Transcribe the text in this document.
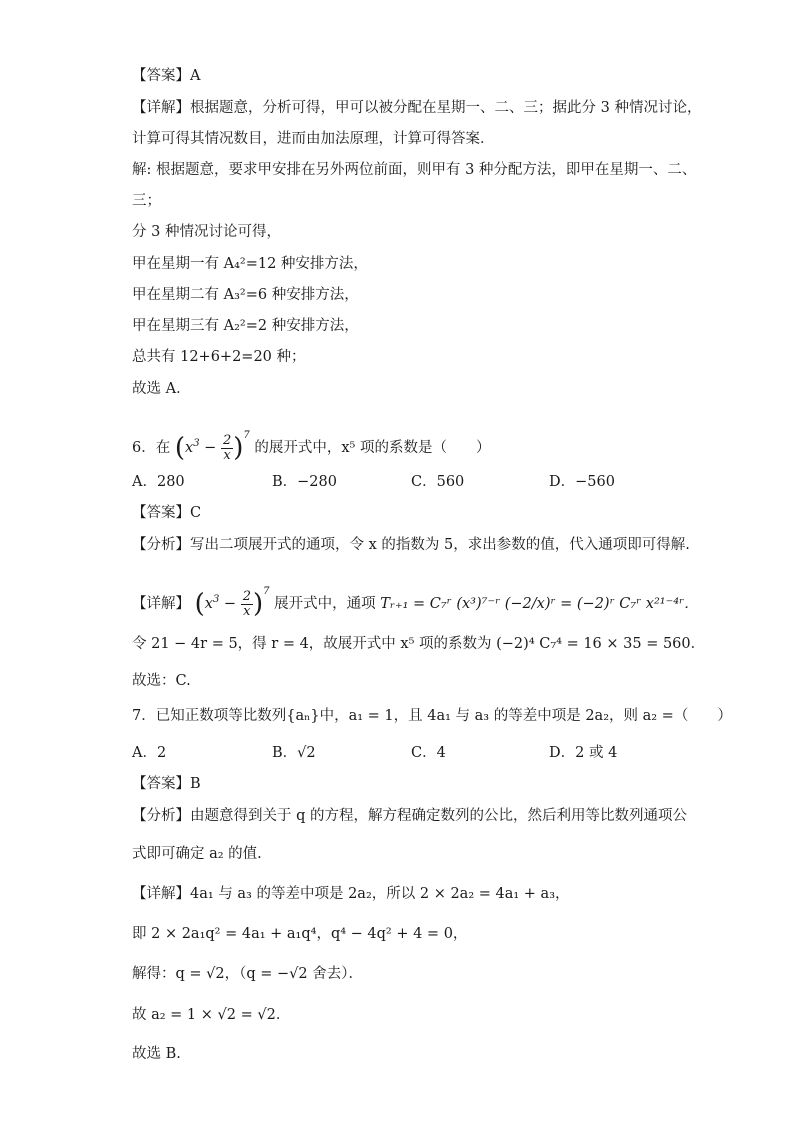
【答案】A
【详解】根据题意，分析可得，甲可以被分配在星期一、二、三；据此分 3 种情况讨论，
计算可得其情况数目，进而由加法原理，计算可得答案．
解: 根据题意，要求甲安排在另外两位前面，则甲有 3 种分配方法，即甲在星期一、二、
三；
分 3 种情况讨论可得，
甲在星期一有 A₄²=12 种安排方法，
甲在星期二有 A₃²=6 种安排方法，
甲在星期三有 A₂²=2 种安排方法，
总共有 12+6+2=20 种；
故选 A．
6．在 $(x^3 - \frac{2}{x} )^7$ 的展开式中，x⁵ 项的系数是（　　）
A．280	B．−280	C．560	D．−560
【答案】C
【分析】写出二项展开式的通项，令 x 的指数为 5，求出参数的值，代入通项即可得解.
【详解】 $(x^3 - \frac{2}{x} )^7$ 展开式中，通项 Tᵣ₊₁ = C₇ʳ (x³)⁷⁻ʳ (−2/x)ʳ = (−2)ʳ C₇ʳ x²¹⁻⁴ʳ．
令 21 − 4r = 5，得 r = 4，故展开式中 x⁵ 项的系数为 (−2)⁴ C₇⁴ = 16 × 35 = 560．
故选：C.
7．已知正数项等比数列{aₙ}中，a₁ = 1，且 4a₁ 与 a₃ 的等差中项是 2a₂，则 a₂ =（　　）
A．2	B．√2	C．4	D．2 或 4
【答案】B
【分析】由题意得到关于 q 的方程，解方程确定数列的公比，然后利用等比数列通项公
式即可确定 a₂ 的值.
【详解】4a₁ 与 a₃ 的等差中项是 2a₂，所以 2 × 2a₂ = 4a₁ + a₃，
即 2 × 2a₁q² = 4a₁ + a₁q⁴，q⁴ − 4q² + 4 = 0，
解得：q = √2，（q = −√2 舍去）．
故 a₂ = 1 × √2 = √2．
故选 B.
